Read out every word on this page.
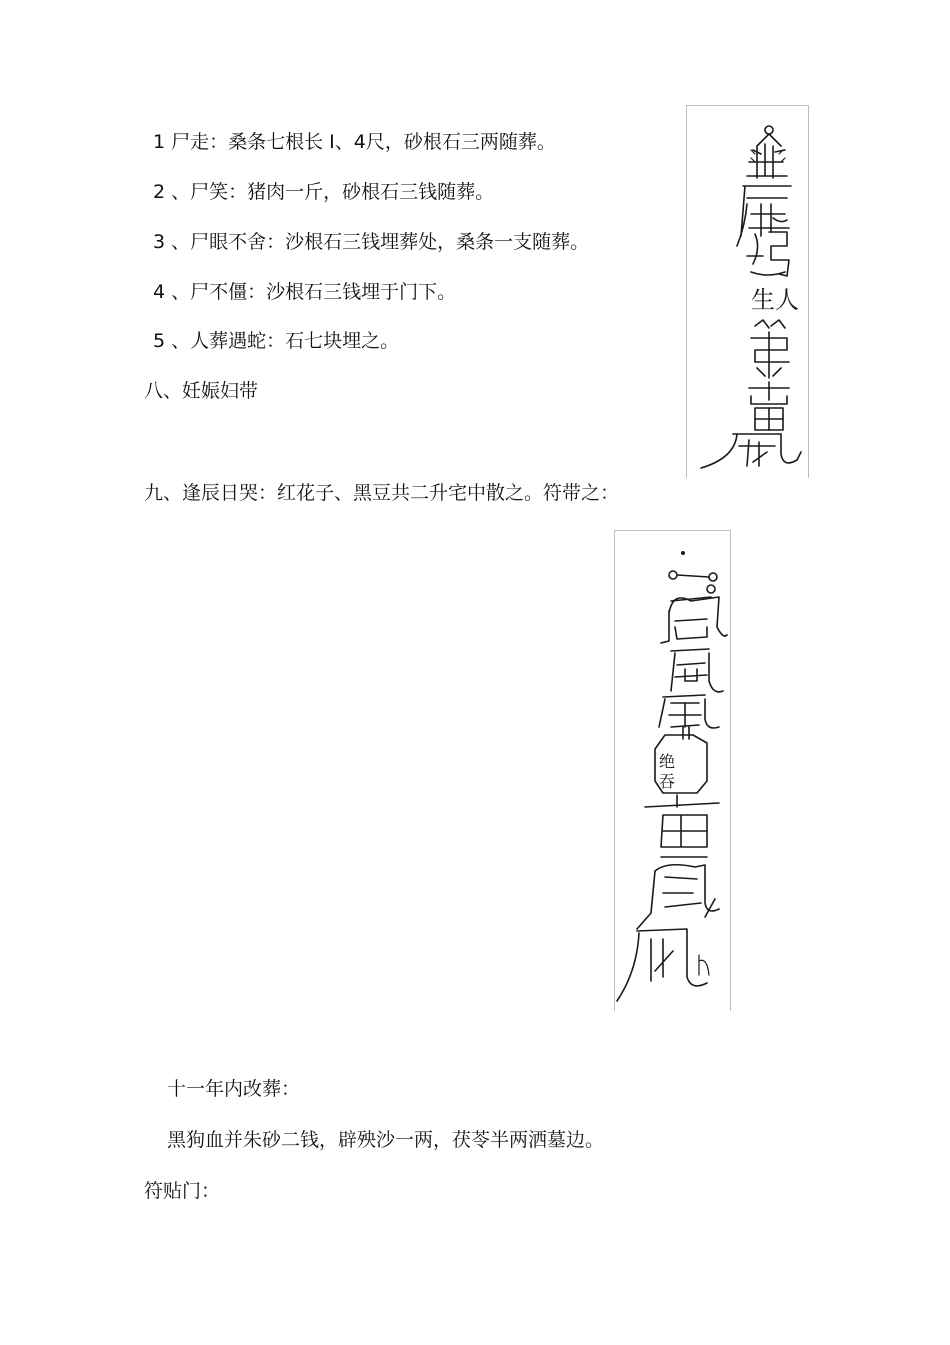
1 尸走：桑条七根长 I、4尺，砂根石三两随葬。
2 、尸笑：猪肉一斤，砂根石三钱随葬。
3 、尸眼不舍：沙根石三钱埋葬处，桑条一支随葬。
4 、尸不僵：沙根石三钱埋于门下。
5 、人葬遇蛇：石七块埋之。
八、妊娠妇带
九、逢辰日哭：红花子、黑豆共二升宅中散之。符带之：
十一年内改葬：
黑狗血并朱砂二钱，辟殃沙一两，茯苓半两洒墓边。
符贴门：
生人
绝
吞
